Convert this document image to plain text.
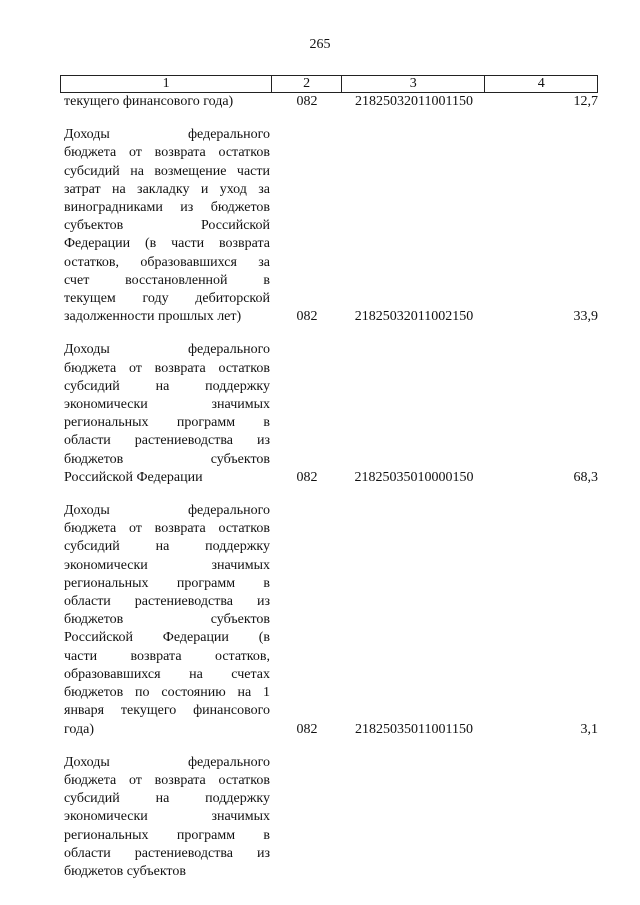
265
1	2	3	4
текущего финансового года)	082	21825032011001150	12,7
Доходы федерального
бюджета от возврата остатков
субсидий на возмещение части
затрат на закладку и уход за
виноградниками из бюджетов
субъектов Российской
Федерации (в части возврата
остатков, образовавшихся за
счет восстановленной в
текущем году дебиторской
задолженности прошлых лет)	082	21825032011002150	33,9
Доходы федерального
бюджета от возврата остатков
субсидий на поддержку
экономически значимых
региональных программ в
области растениеводства из
бюджетов субъектов
Российской Федерации	082	21825035010000150	68,3
Доходы федерального
бюджета от возврата остатков
субсидий на поддержку
экономически значимых
региональных программ в
области растениеводства из
бюджетов субъектов
Российской Федерации (в
части возврата остатков,
образовавшихся на счетах
бюджетов по состоянию на 1
января текущего финансового
года)	082	21825035011001150	3,1
Доходы федерального
бюджета от возврата остатков
субсидий на поддержку
экономически значимых
региональных программ в
области растениеводства из
бюджетов субъектов
